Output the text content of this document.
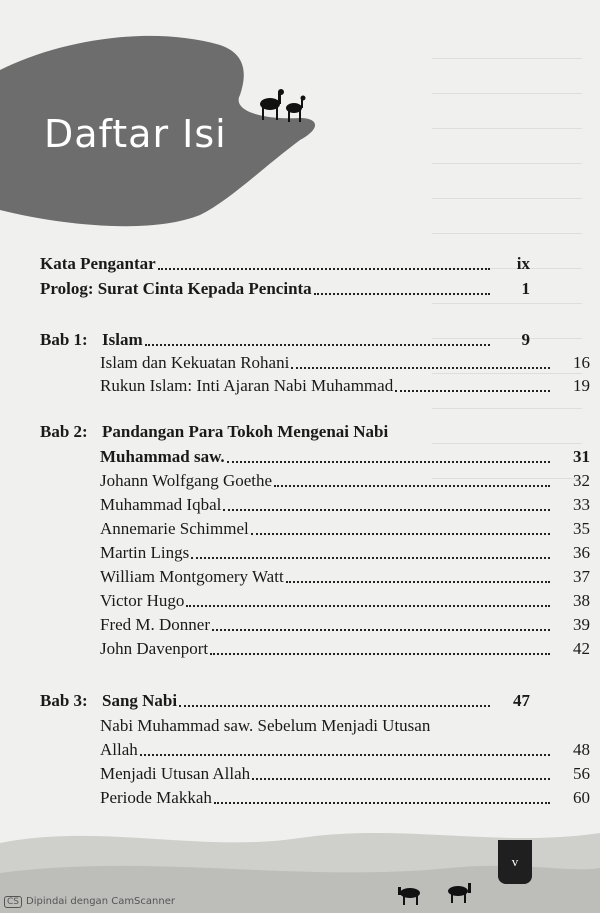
Daftar Isi
Kata Pengantar	ix
Prolog: Surat Cinta Kepada Pencinta	1
Bab 1: Islam	9
Islam dan Kekuatan Rohani	16
Rukun Islam: Inti Ajaran Nabi Muhammad	19
Bab 2: Pandangan Para Tokoh Mengenai Nabi
Muhammad saw.	31
Johann Wolfgang Goethe	32
Muhammad Iqbal	33
Annemarie Schimmel	35
Martin Lings	36
William Montgomery Watt	37
Victor Hugo	38
Fred M. Donner	39
John Davenport	42
Bab 3: Sang Nabi	47
Nabi Muhammad saw. Sebelum Menjadi Utusan
Allah	48
Menjadi Utusan Allah	56
Periode Makkah	60
v
CS Dipindai dengan CamScanner
